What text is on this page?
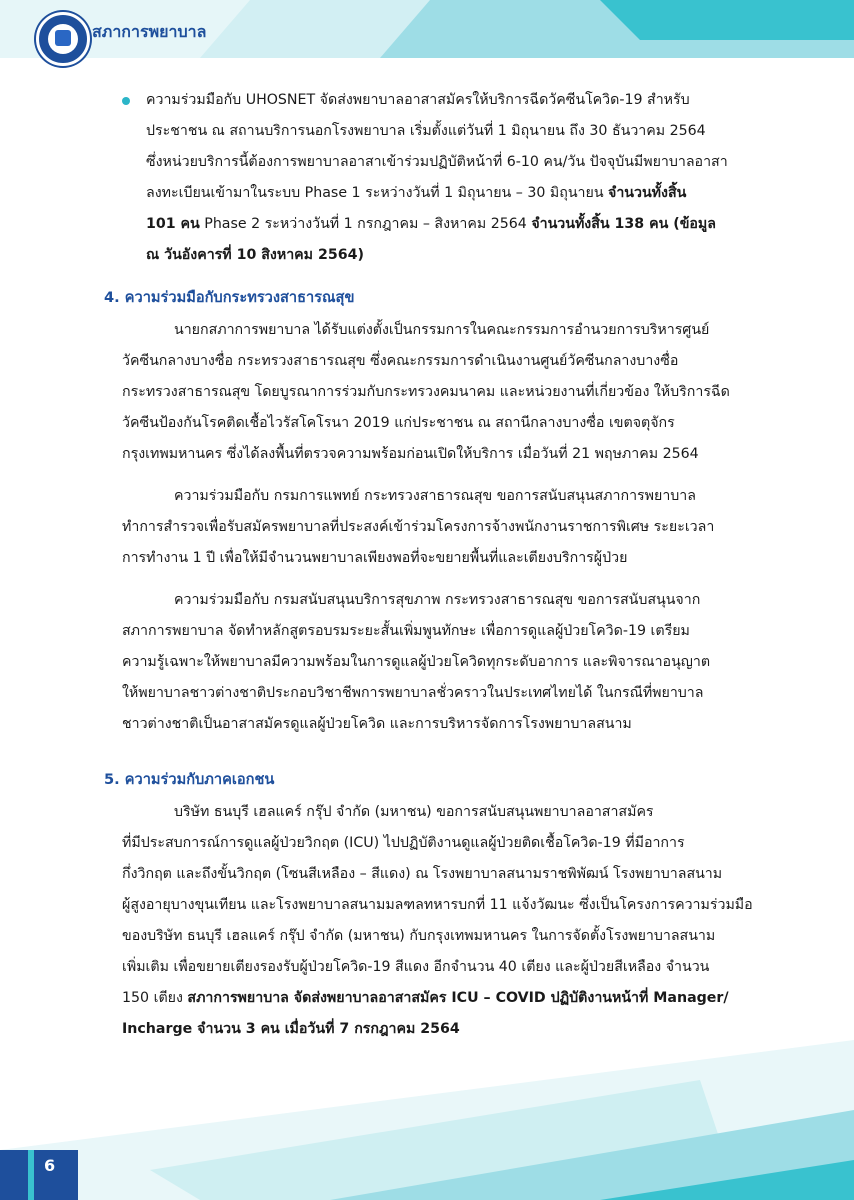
สภาการพยาบาล
ความร่วมมือกับ UHOSNET จัดส่งพยาบาลอาสาสมัครให้บริการฉีดวัคซีนโควิด-19 สำหรับ
ประชาชน ณ สถานบริการนอกโรงพยาบาล เริ่มตั้งแต่วันที่ 1 มิถุนายน ถึง 30 ธันวาคม 2564
ซึ่งหน่วยบริการนี้ต้องการพยาบาลอาสาเข้าร่วมปฏิบัติหน้าที่ 6-10 คน/วัน ปัจจุบันมีพยาบาลอาสา
ลงทะเบียนเข้ามาในระบบ Phase 1 ระหว่างวันที่ 1 มิถุนายน – 30 มิถุนายน จำนวนทั้งสิ้น
101 คน Phase 2 ระหว่างวันที่ 1 กรกฎาคม – สิงหาคม 2564 จำนวนทั้งสิ้น 138 คน (ข้อมูล
ณ วันอังคารที่ 10 สิงหาคม 2564)
4. ความร่วมมือกับกระทรวงสาธารณสุข
นายกสภาการพยาบาล ได้รับแต่งตั้งเป็นกรรมการในคณะกรรมการอำนวยการบริหารศูนย์
วัคซีนกลางบางซื่อ กระทรวงสาธารณสุข ซึ่งคณะกรรมการดำเนินงานศูนย์วัคซีนกลางบางซื่อ
กระทรวงสาธารณสุข โดยบูรณาการร่วมกับกระทรวงคมนาคม และหน่วยงานที่เกี่ยวข้อง ให้บริการฉีด
วัคซีนป้องกันโรคติดเชื้อไวรัสโคโรนา 2019 แก่ประชาชน ณ สถานีกลางบางซื่อ เขตจตุจักร
กรุงเทพมหานคร ซึ่งได้ลงพื้นที่ตรวจความพร้อมก่อนเปิดให้บริการ เมื่อวันที่ 21 พฤษภาคม 2564
ความร่วมมือกับ กรมการแพทย์ กระทรวงสาธารณสุข ขอการสนับสนุนสภาการพยาบาล
ทำการสำรวจเพื่อรับสมัครพยาบาลที่ประสงค์เข้าร่วมโครงการจ้างพนักงานราชการพิเศษ ระยะเวลา
การทำงาน 1 ปี เพื่อให้มีจำนวนพยาบาลเพียงพอที่จะขยายพื้นที่และเตียงบริการผู้ป่วย
ความร่วมมือกับ กรมสนับสนุนบริการสุขภาพ กระทรวงสาธารณสุข ขอการสนับสนุนจาก
สภาการพยาบาล จัดทำหลักสูตรอบรมระยะสั้นเพิ่มพูนทักษะ เพื่อการดูแลผู้ป่วยโควิด-19 เตรียม
ความรู้เฉพาะให้พยาบาลมีความพร้อมในการดูแลผู้ป่วยโควิดทุกระดับอาการ และพิจารณาอนุญาต
ให้พยาบาลชาวต่างชาติประกอบวิชาชีพการพยาบาลชั่วคราวในประเทศไทยได้ ในกรณีที่พยาบาล
ชาวต่างชาติเป็นอาสาสมัครดูแลผู้ป่วยโควิด และการบริหารจัดการโรงพยาบาลสนาม
5. ความร่วมกับภาคเอกชน
บริษัท ธนบุรี เฮลแคร์ กรุ๊ป จำกัด (มหาชน) ขอการสนับสนุนพยาบาลอาสาสมัคร
ที่มีประสบการณ์การดูแลผู้ป่วยวิกฤต (ICU) ไปปฏิบัติงานดูแลผู้ป่วยติดเชื้อโควิด-19 ที่มีอาการ
กึ่งวิกฤต และถึงขั้นวิกฤต (โซนสีเหลือง – สีแดง) ณ โรงพยาบาลสนามราชพิพัฒน์ โรงพยาบาลสนาม
ผู้สูงอายุบางขุนเทียน และโรงพยาบาลสนามมลฑลทหารบกที่ 11 แจ้งวัฒนะ ซึ่งเป็นโครงการความร่วมมือ
ของบริษัท ธนบุรี เฮลแคร์ กรุ๊ป จำกัด (มหาชน) กับกรุงเทพมหานคร ในการจัดตั้งโรงพยาบาลสนาม
เพิ่มเติม เพื่อขยายเตียงรองรับผู้ป่วยโควิด-19 สีแดง อีกจำนวน 40 เตียง และผู้ป่วยสีเหลือง จำนวน
150 เตียง สภาการพยาบาล จัดส่งพยาบาลอาสาสมัคร ICU – COVID ปฏิบัติงานหน้าที่ Manager/
Incharge จำนวน 3 คน เมื่อวันที่ 7 กรกฎาคม 2564
6
